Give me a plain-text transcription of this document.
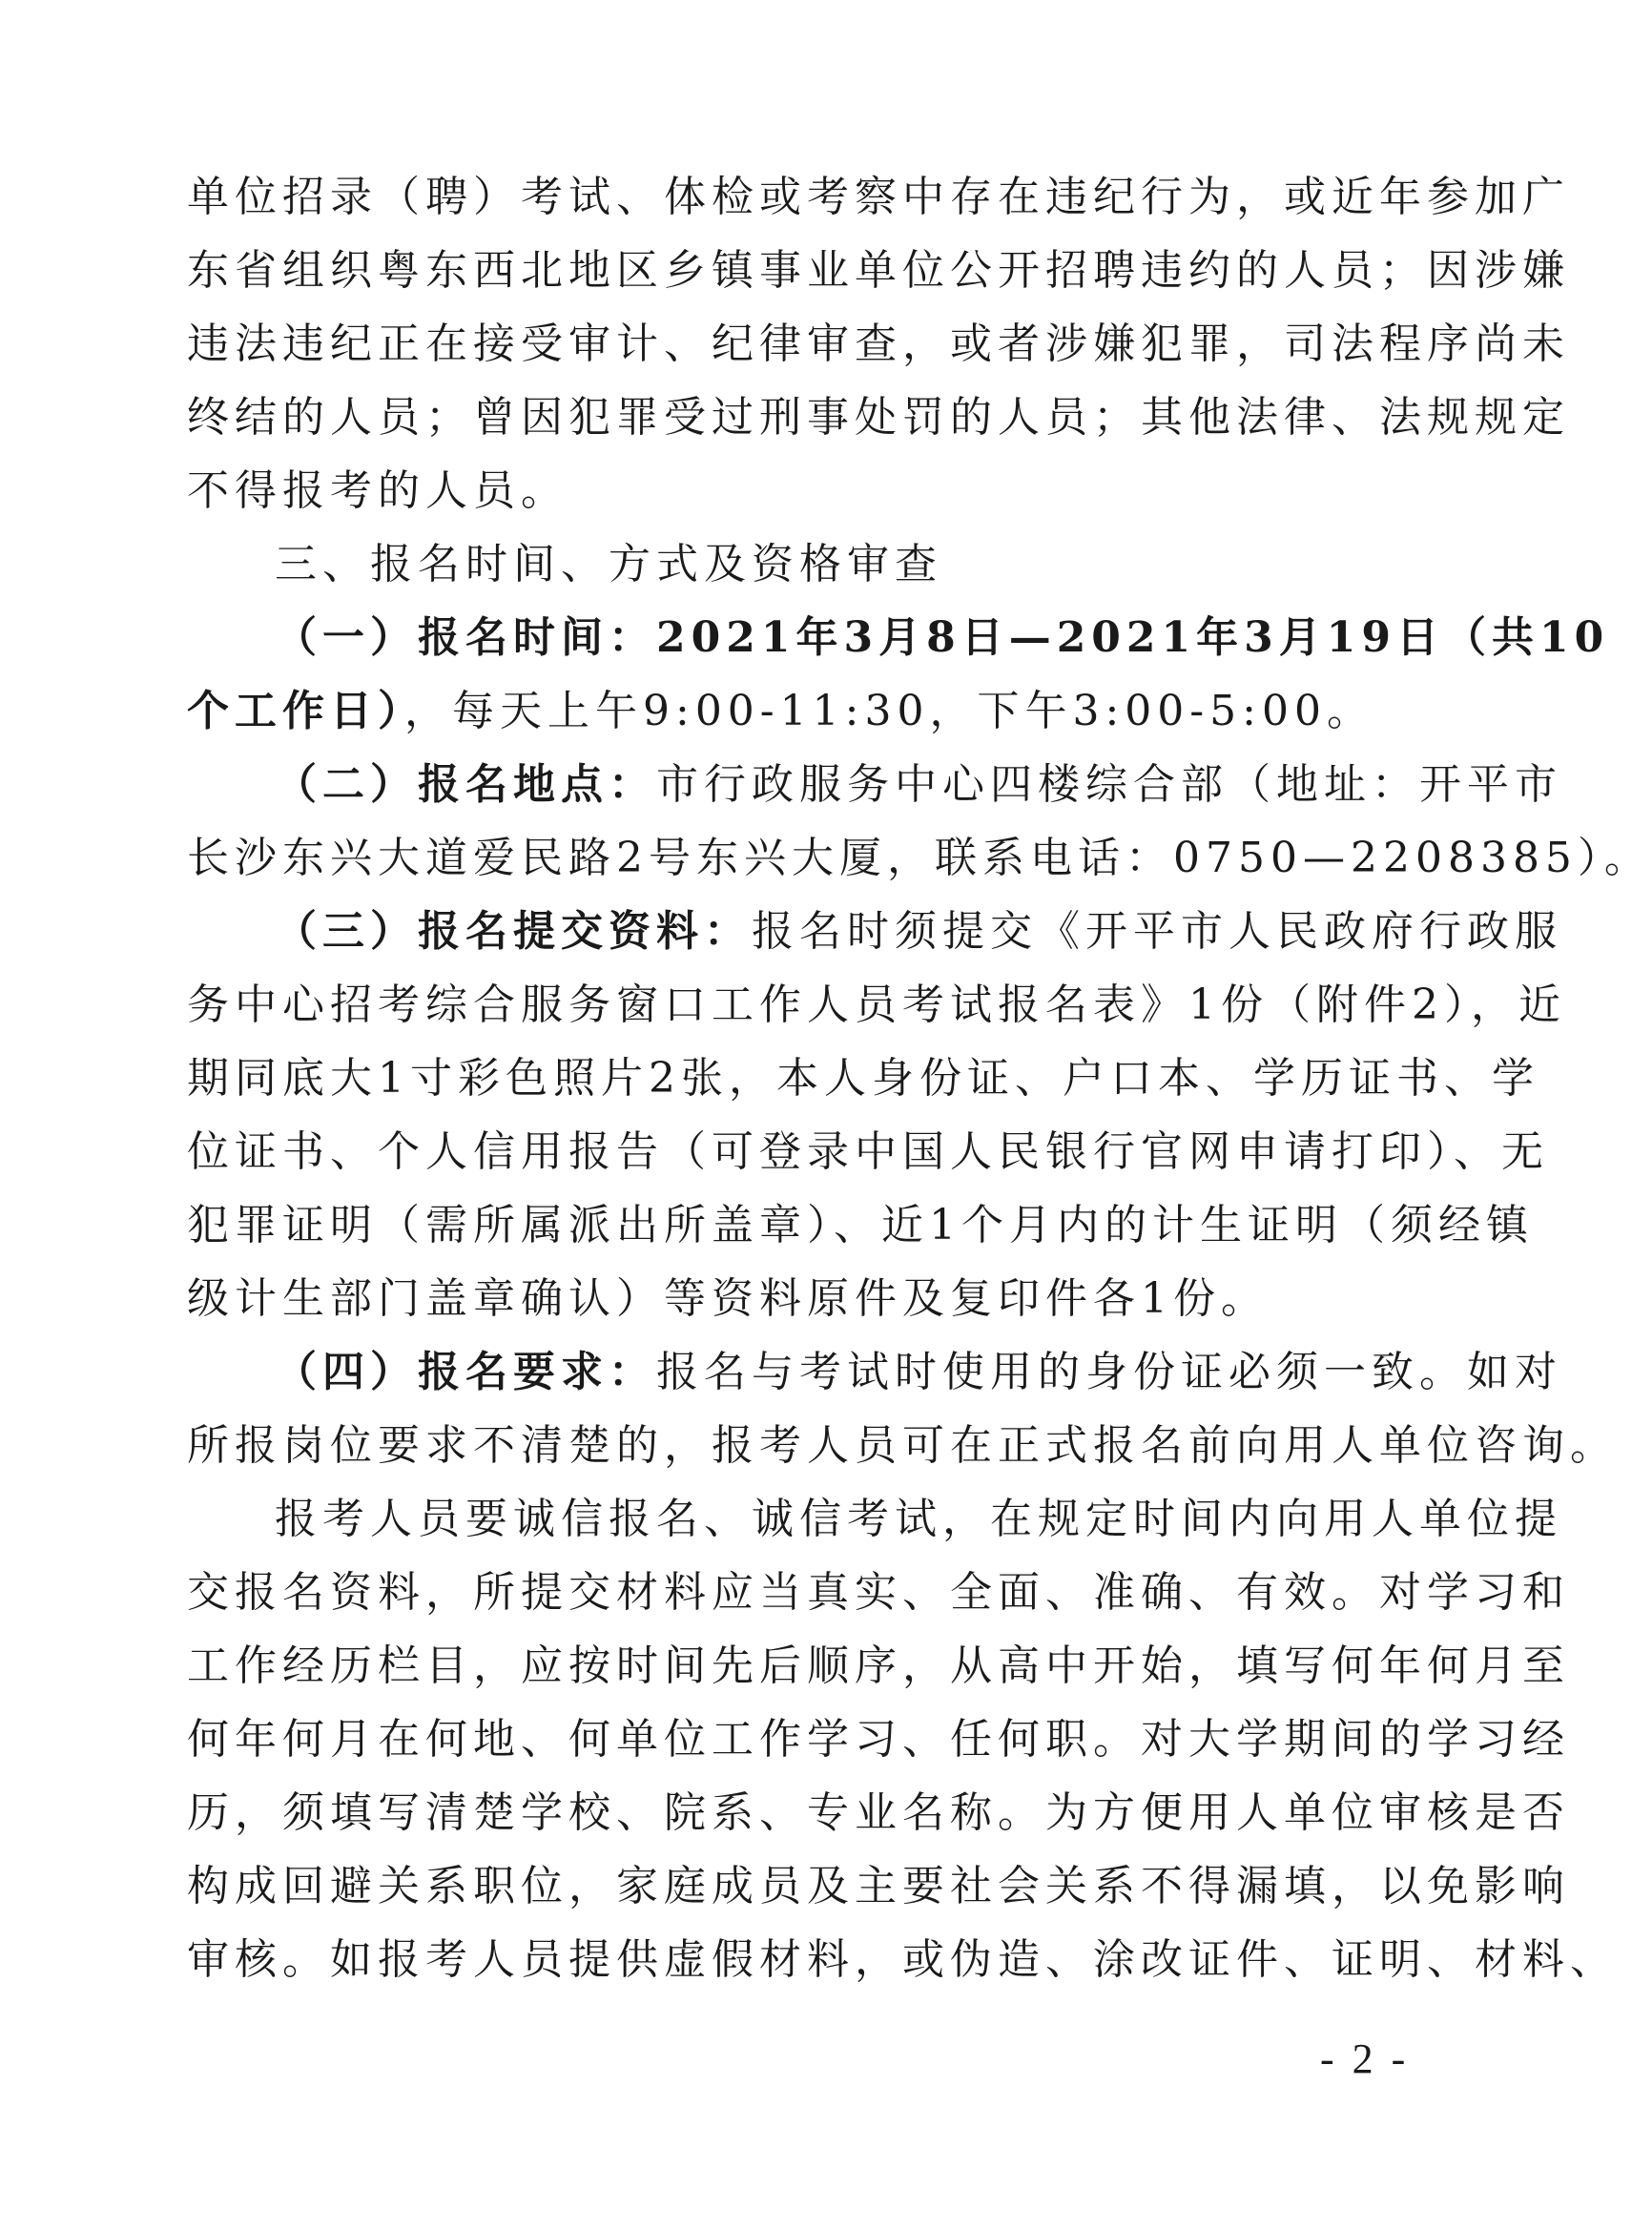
单位招录（聘）考试、体检或考察中存在违纪行为，或近年参加广
东省组织粤东西北地区乡镇事业单位公开招聘违约的人员；因涉嫌
违法违纪正在接受审计、纪律审查，或者涉嫌犯罪，司法程序尚未
终结的人员；曾因犯罪受过刑事处罚的人员；其他法律、法规规定
不得报考的人员。
三、报名时间、方式及资格审查
（一）报名时间：2021年3月8日—2021年3月19日（共10
个工作日），每天上午9:00-11:30，下午3:00-5:00。
（二）报名地点：市行政服务中心四楼综合部（地址：开平市
长沙东兴大道爱民路2号东兴大厦，联系电话：0750—2208385）。
（三）报名提交资料：报名时须提交《开平市人民政府行政服
务中心招考综合服务窗口工作人员考试报名表》1份（附件2），近
期同底大1寸彩色照片2张，本人身份证、户口本、学历证书、学
位证书、个人信用报告（可登录中国人民银行官网申请打印）、无
犯罪证明（需所属派出所盖章）、近1个月内的计生证明（须经镇
级计生部门盖章确认）等资料原件及复印件各1份。
（四）报名要求：报名与考试时使用的身份证必须一致。如对
所报岗位要求不清楚的，报考人员可在正式报名前向用人单位咨询。
报考人员要诚信报名、诚信考试，在规定时间内向用人单位提
交报名资料，所提交材料应当真实、全面、准确、有效。对学习和
工作经历栏目，应按时间先后顺序，从高中开始，填写何年何月至
何年何月在何地、何单位工作学习、任何职。对大学期间的学习经
历，须填写清楚学校、院系、专业名称。为方便用人单位审核是否
构成回避关系职位，家庭成员及主要社会关系不得漏填，以免影响
审核。如报考人员提供虚假材料，或伪造、涂改证件、证明、材料、
- 2 -
